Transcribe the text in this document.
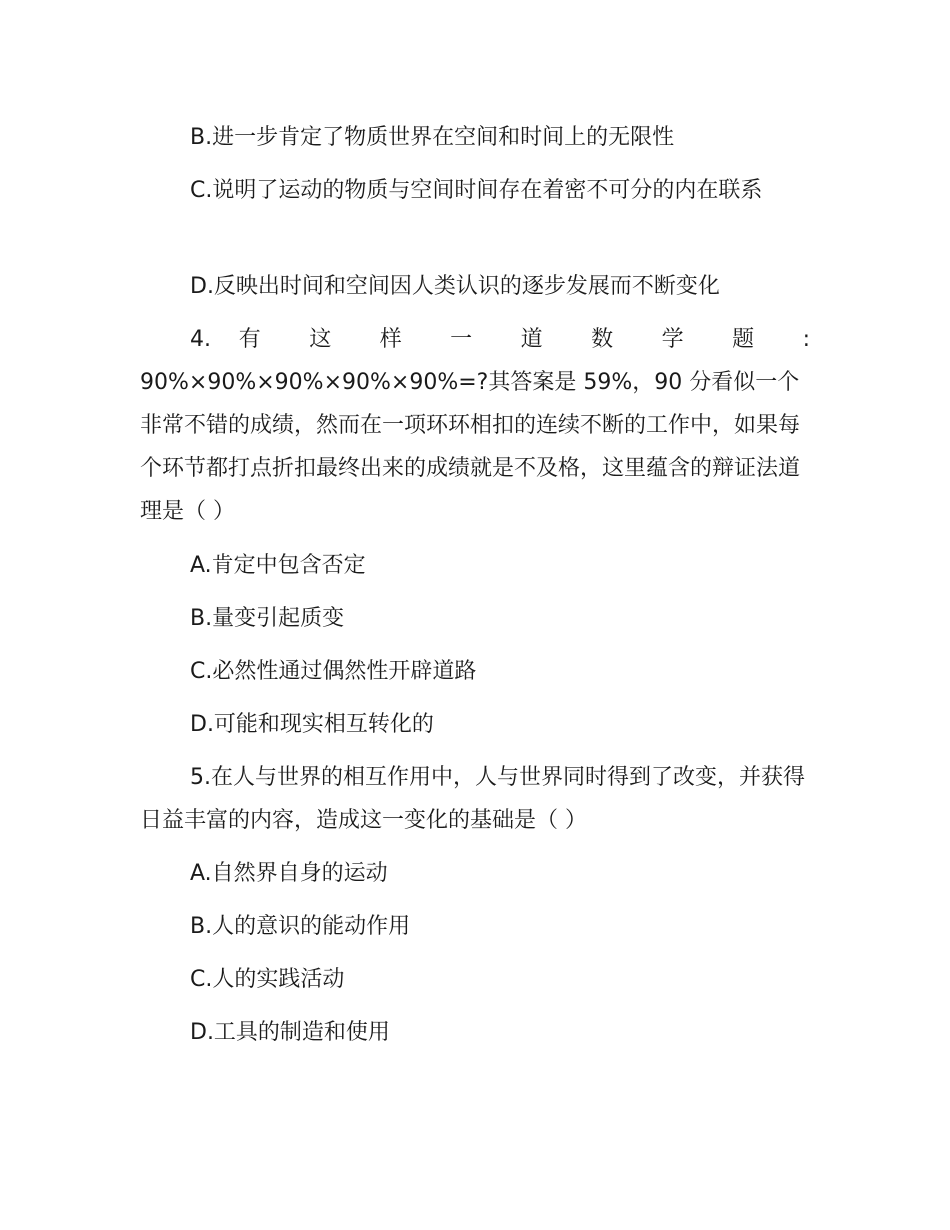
B.进一步肯定了物质世界在空间和时间上的无限性

C.说明了运动的物质与空间时间存在着密不可分的内在联系

D.反映出时间和空间因人类认识的逐步发展而不断变化

4. 有 这 样 一 道 数 学 题 :

90%×90%×90%×90%×90%=?其答案是 59%，90 分看似一个非常不错的成绩，然而在一项环环相扣的连续不断的工作中，如果每个环节都打点折扣最终出来的成绩就是不及格，这里蕴含的辩证法道理是（ ）

A.肯定中包含否定

B.量变引起质变

C.必然性通过偶然性开辟道路

D.可能和现实相互转化的

5.在人与世界的相互作用中，人与世界同时得到了改变，并获得日益丰富的内容，造成这一变化的基础是（ ）

A.自然界自身的运动

B.人的意识的能动作用

C.人的实践活动

D.工具的制造和使用
